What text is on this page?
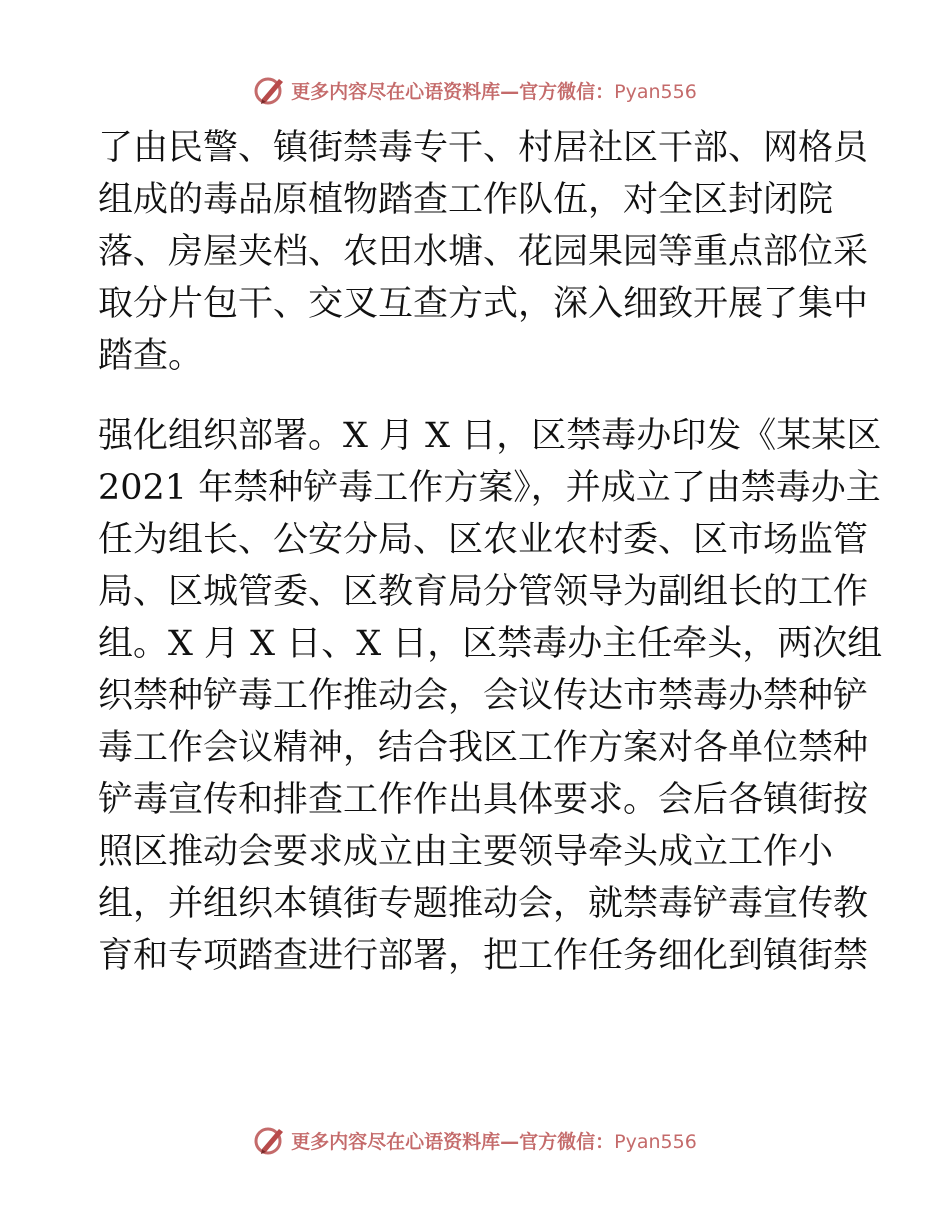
更多内容尽在心语资料库—官方微信：Pyan556
了由民警、镇街禁毒专干、村居社区干部、网格员
组成的毒品原植物踏查工作队伍，对全区封闭院
落、房屋夹档、农田水塘、花园果园等重点部位采
取分片包干、交叉互查方式，深入细致开展了集中
踏查。
强化组织部署。X 月 X 日，区禁毒办印发《某某区
2021 年禁种铲毒工作方案》，并成立了由禁毒办主
任为组长、公安分局、区农业农村委、区市场监管
局、区城管委、区教育局分管领导为副组长的工作
组。X 月 X 日、X 日，区禁毒办主任牵头，两次组
织禁种铲毒工作推动会，会议传达市禁毒办禁种铲
毒工作会议精神，结合我区工作方案对各单位禁种
铲毒宣传和排查工作作出具体要求。会后各镇街按
照区推动会要求成立由主要领导牵头成立工作小
组，并组织本镇街专题推动会，就禁毒铲毒宣传教
育和专项踏查进行部署，把工作任务细化到镇街禁
更多内容尽在心语资料库—官方微信：Pyan556
